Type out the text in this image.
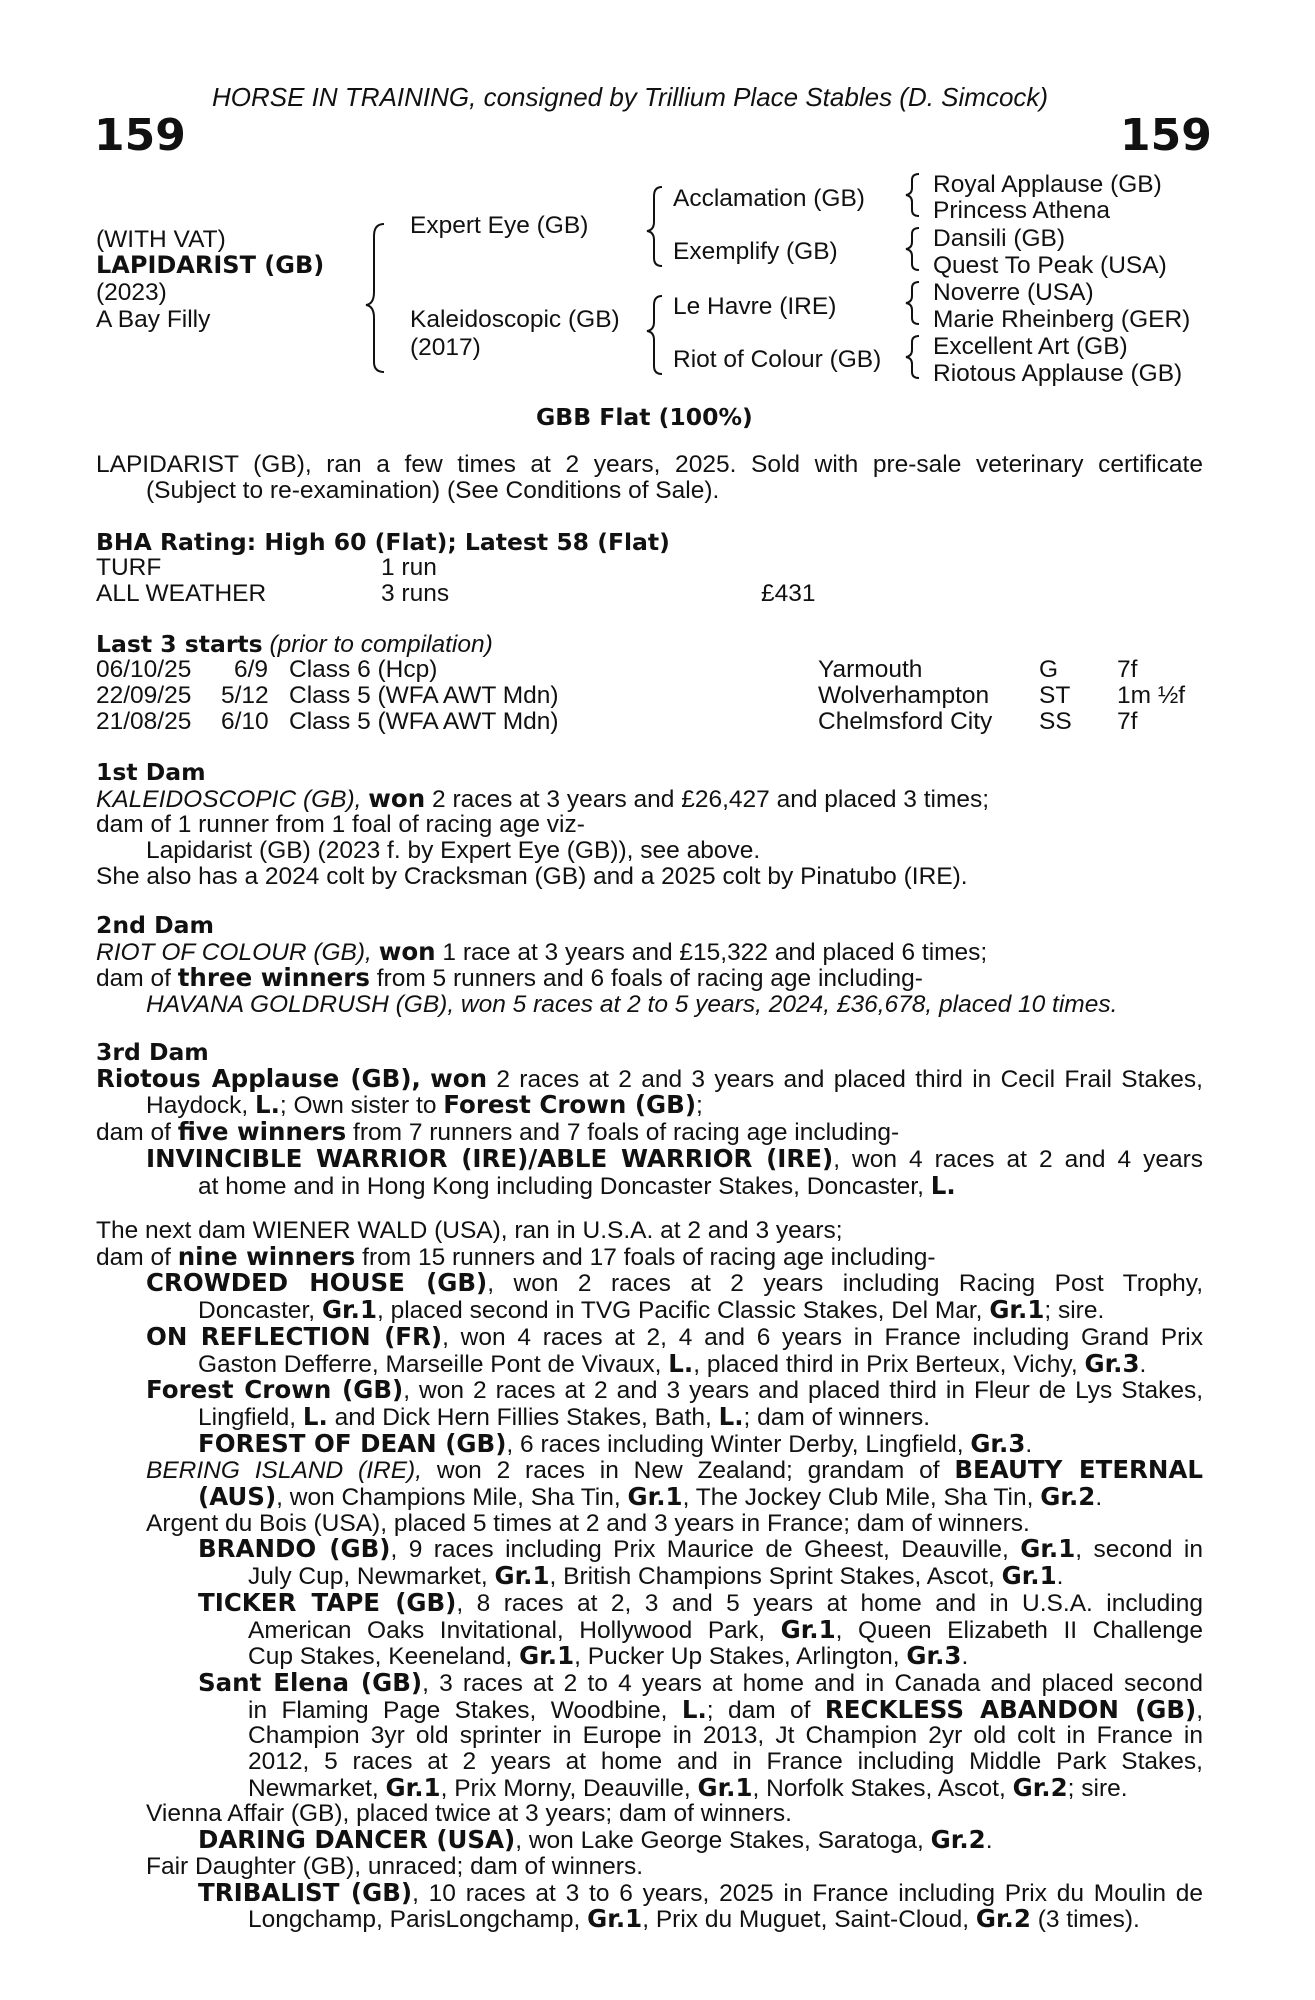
HORSE IN TRAINING, consigned by Trillium Place Stables (D. Simcock)
159	159
(WITH VAT)
LAPIDARIST (GB)
(2023)
A Bay Filly
Expert Eye (GB)
Kaleidoscopic (GB)
(2017)
Acclamation (GB)
Exemplify (GB)
Le Havre (IRE)
Riot of Colour (GB)
Royal Applause (GB)
Princess Athena
Dansili (GB)
Quest To Peak (USA)
Noverre (USA)
Marie Rheinberg (GER)
Excellent Art (GB)
Riotous Applause (GB)
GBB Flat (100%)
LAPIDARIST (GB), ran a few times at 2 years, 2025. Sold with pre-sale veterinary certificate
(Subject to re-examination) (See Conditions of Sale).
BHA Rating: High 60 (Flat); Latest 58 (Flat)
TURF	1 run
ALL WEATHER	3 runs	£431
Last 3 starts (prior to compilation)
06/10/25 6/9 Class 6 (Hcp)	Yarmouth	G 7f
22/09/25 5/12 Class 5 (WFA AWT Mdn)	Wolverhampton ST 1m ½f
21/08/25 6/10 Class 5 (WFA AWT Mdn)	Chelmsford City SS 7f
1st Dam
KALEIDOSCOPIC (GB), won 2 races at 3 years and £26,427 and placed 3 times;
dam of 1 runner from 1 foal of racing age viz-
Lapidarist (GB) (2023 f. by Expert Eye (GB)), see above.
She also has a 2024 colt by Cracksman (GB) and a 2025 colt by Pinatubo (IRE).
2nd Dam
RIOT OF COLOUR (GB), won 1 race at 3 years and £15,322 and placed 6 times;
dam of three winners from 5 runners and 6 foals of racing age including-
HAVANA GOLDRUSH (GB), won 5 races at 2 to 5 years, 2024, £36,678, placed 10 times.
3rd Dam
Riotous Applause (GB), won 2 races at 2 and 3 years and placed third in Cecil Frail Stakes,
Haydock, L.; Own sister to Forest Crown (GB);
dam of five winners from 7 runners and 7 foals of racing age including-
INVINCIBLE WARRIOR (IRE)/ABLE WARRIOR (IRE), won 4 races at 2 and 4 years
at home and in Hong Kong including Doncaster Stakes, Doncaster, L.
The next dam WIENER WALD (USA), ran in U.S.A. at 2 and 3 years;
dam of nine winners from 15 runners and 17 foals of racing age including-
CROWDED HOUSE (GB), won 2 races at 2 years including Racing Post Trophy,
Doncaster, Gr.1, placed second in TVG Pacific Classic Stakes, Del Mar, Gr.1; sire.
ON REFLECTION (FR), won 4 races at 2, 4 and 6 years in France including Grand Prix
Gaston Defferre, Marseille Pont de Vivaux, L., placed third in Prix Berteux, Vichy, Gr.3.
Forest Crown (GB), won 2 races at 2 and 3 years and placed third in Fleur de Lys Stakes,
Lingfield, L. and Dick Hern Fillies Stakes, Bath, L.; dam of winners.
FOREST OF DEAN (GB), 6 races including Winter Derby, Lingfield, Gr.3.
BERING ISLAND (IRE), won 2 races in New Zealand; grandam of BEAUTY ETERNAL
(AUS), won Champions Mile, Sha Tin, Gr.1, The Jockey Club Mile, Sha Tin, Gr.2.
Argent du Bois (USA), placed 5 times at 2 and 3 years in France; dam of winners.
BRANDO (GB), 9 races including Prix Maurice de Gheest, Deauville, Gr.1, second in
July Cup, Newmarket, Gr.1, British Champions Sprint Stakes, Ascot, Gr.1.
TICKER TAPE (GB), 8 races at 2, 3 and 5 years at home and in U.S.A. including
American Oaks Invitational, Hollywood Park, Gr.1, Queen Elizabeth II Challenge
Cup Stakes, Keeneland, Gr.1, Pucker Up Stakes, Arlington, Gr.3.
Sant Elena (GB), 3 races at 2 to 4 years at home and in Canada and placed second
in Flaming Page Stakes, Woodbine, L.; dam of RECKLESS ABANDON (GB),
Champion 3yr old sprinter in Europe in 2013, Jt Champion 2yr old colt in France in
2012, 5 races at 2 years at home and in France including Middle Park Stakes,
Newmarket, Gr.1, Prix Morny, Deauville, Gr.1, Norfolk Stakes, Ascot, Gr.2; sire.
Vienna Affair (GB), placed twice at 3 years; dam of winners.
DARING DANCER (USA), won Lake George Stakes, Saratoga, Gr.2.
Fair Daughter (GB), unraced; dam of winners.
TRIBALIST (GB), 10 races at 3 to 6 years, 2025 in France including Prix du Moulin de
Longchamp, ParisLongchamp, Gr.1, Prix du Muguet, Saint-Cloud, Gr.2 (3 times).
